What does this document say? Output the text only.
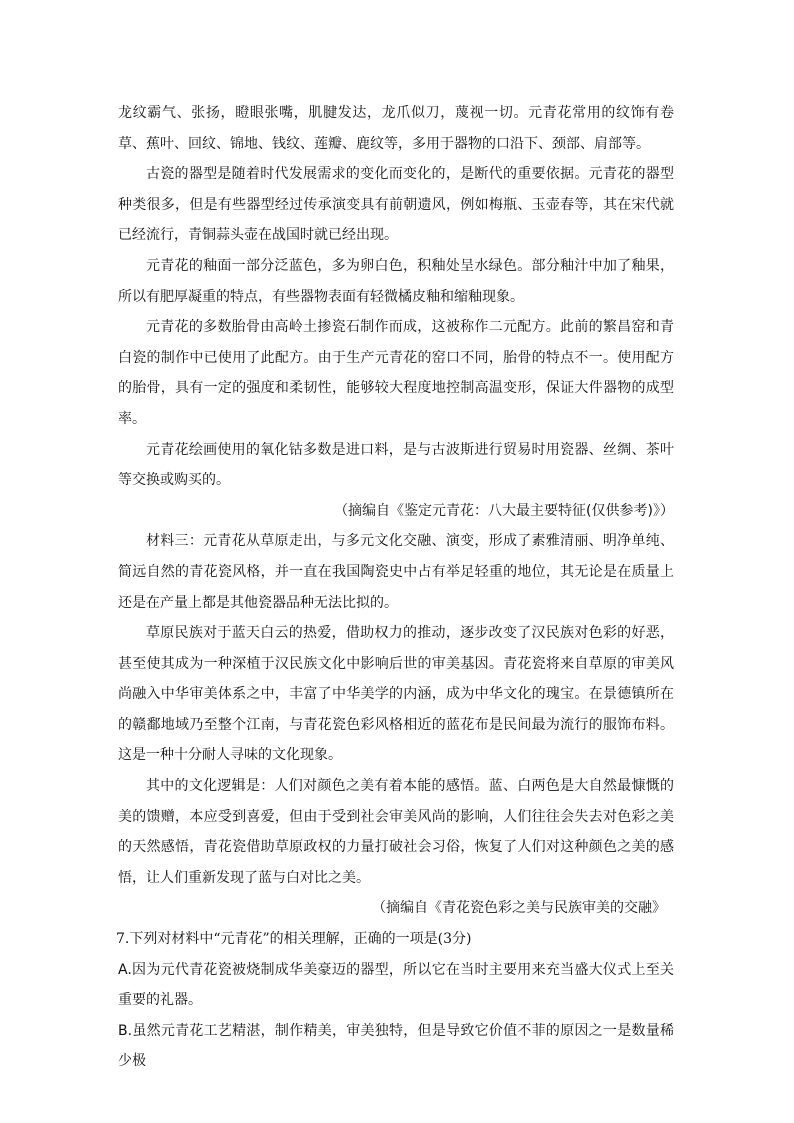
龙纹霸气、张扬，瞪眼张嘴，肌腱发达，龙爪似刀，蔑视一切。元青花常用的纹饰有卷草、蕉叶、回纹、锦地、钱纹、莲瓣、鹿纹等，多用于器物的口沿下、颈部、肩部等。

古瓷的器型是随着时代发展需求的变化而变化的，是断代的重要依据。元青花的器型种类很多，但是有些器型经过传承演变具有前朝遗风，例如梅瓶、玉壶春等，其在宋代就已经流行，青铜蒜头壶在战国时就已经出现。

元青花的釉面一部分泛蓝色，多为卵白色，积釉处呈水绿色。部分釉汁中加了釉果，所以有肥厚凝重的特点，有些器物表面有轻微橘皮釉和缩釉现象。

元青花的多数胎骨由高岭土掺瓷石制作而成，这被称作二元配方。此前的繁昌窑和青白瓷的制作中已使用了此配方。由于生产元青花的窑口不同，胎骨的特点不一。使用配方的胎骨，具有一定的强度和柔韧性，能够较大程度地控制高温变形，保证大件器物的成型率。

元青花绘画使用的氧化钴多数是进口料，是与古波斯进行贸易时用瓷器、丝绸、茶叶等交换或购买的。

（摘编自《鉴定元青花：八大最主要特征(仅供参考)》）

材料三：元青花从草原走出，与多元文化交融、演变，形成了素雅清丽、明净单纯、简远自然的青花瓷风格，并一直在我国陶瓷史中占有举足轻重的地位，其无论是在质量上还是在产量上都是其他瓷器品种无法比拟的。

草原民族对于蓝天白云的热爱，借助权力的推动，逐步改变了汉民族对色彩的好恶，甚至使其成为一种深植于汉民族文化中影响后世的审美基因。青花瓷将来自草原的审美风尚融入中华审美体系之中，丰富了中华美学的内涵，成为中华文化的瑰宝。在景德镇所在的赣鄱地域乃至整个江南，与青花瓷色彩风格相近的蓝花布是民间最为流行的服饰布料。这是一种十分耐人寻味的文化现象。

其中的文化逻辑是：人们对颜色之美有着本能的感悟。蓝、白两色是大自然最慷慨的美的馈赠，本应受到喜爱，但由于受到社会审美风尚的影响，人们往往会失去对色彩之美的天然感悟，青花瓷借助草原政权的力量打破社会习俗，恢复了人们对这种颜色之美的感悟，让人们重新发现了蓝与白对比之美。

（摘编自《青花瓷色彩之美与民族审美的交融》

7.下列对材料中“元青花”的相关理解，正确的一项是(3分)

A.因为元代青花瓷被烧制成华美豪迈的器型，所以它在当时主要用来充当盛大仪式上至关重要的礼器。

B.虽然元青花工艺精湛，制作精美，审美独特，但是导致它价值不菲的原因之一是数量稀少极
